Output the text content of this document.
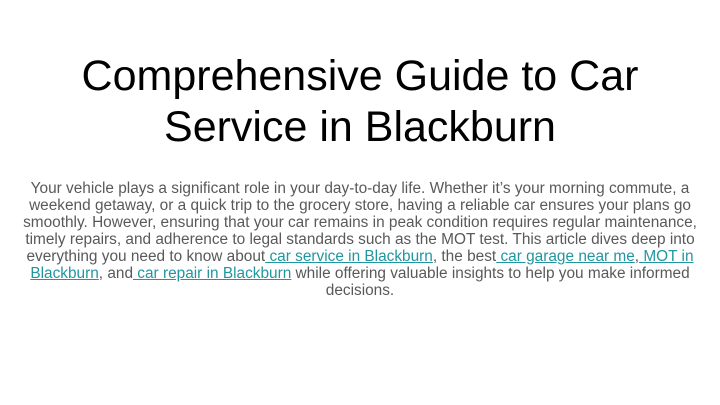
Comprehensive Guide to Car Service in Blackburn

Your vehicle plays a significant role in your day-to-day life. Whether it’s your morning commute, a weekend getaway, or a quick trip to the grocery store, having a reliable car ensures your plans go smoothly. However, ensuring that your car remains in peak condition requires regular maintenance, timely repairs, and adherence to legal standards such as the MOT test. This article dives deep into everything you need to know about car service in Blackburn, the best car garage near me, MOT in Blackburn, and car repair in Blackburn while offering valuable insights to help you make informed decisions.
